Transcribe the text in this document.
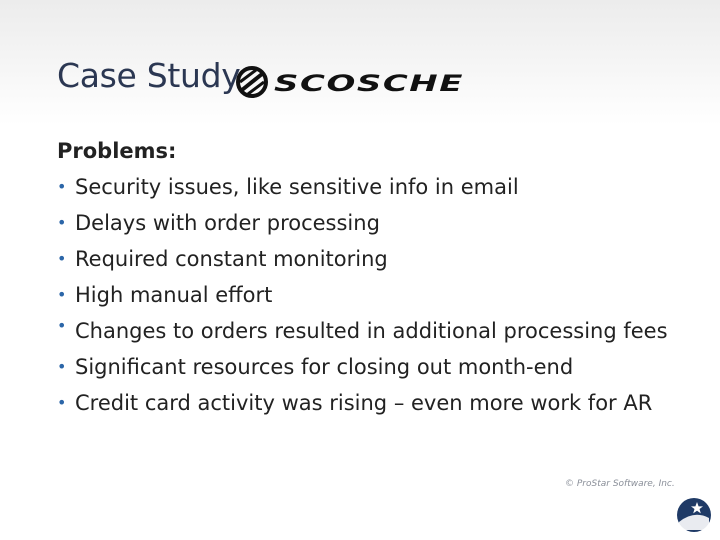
Case Study SCOSCHE
Problems:
• Security issues, like sensitive info in email
• Delays with order processing
• Required constant monitoring
• High manual effort
• Changes to orders resulted in additional processing fees
• Significant resources for closing out month-end
• Credit card activity was rising – even more work for AR
© ProStar Software, Inc.
